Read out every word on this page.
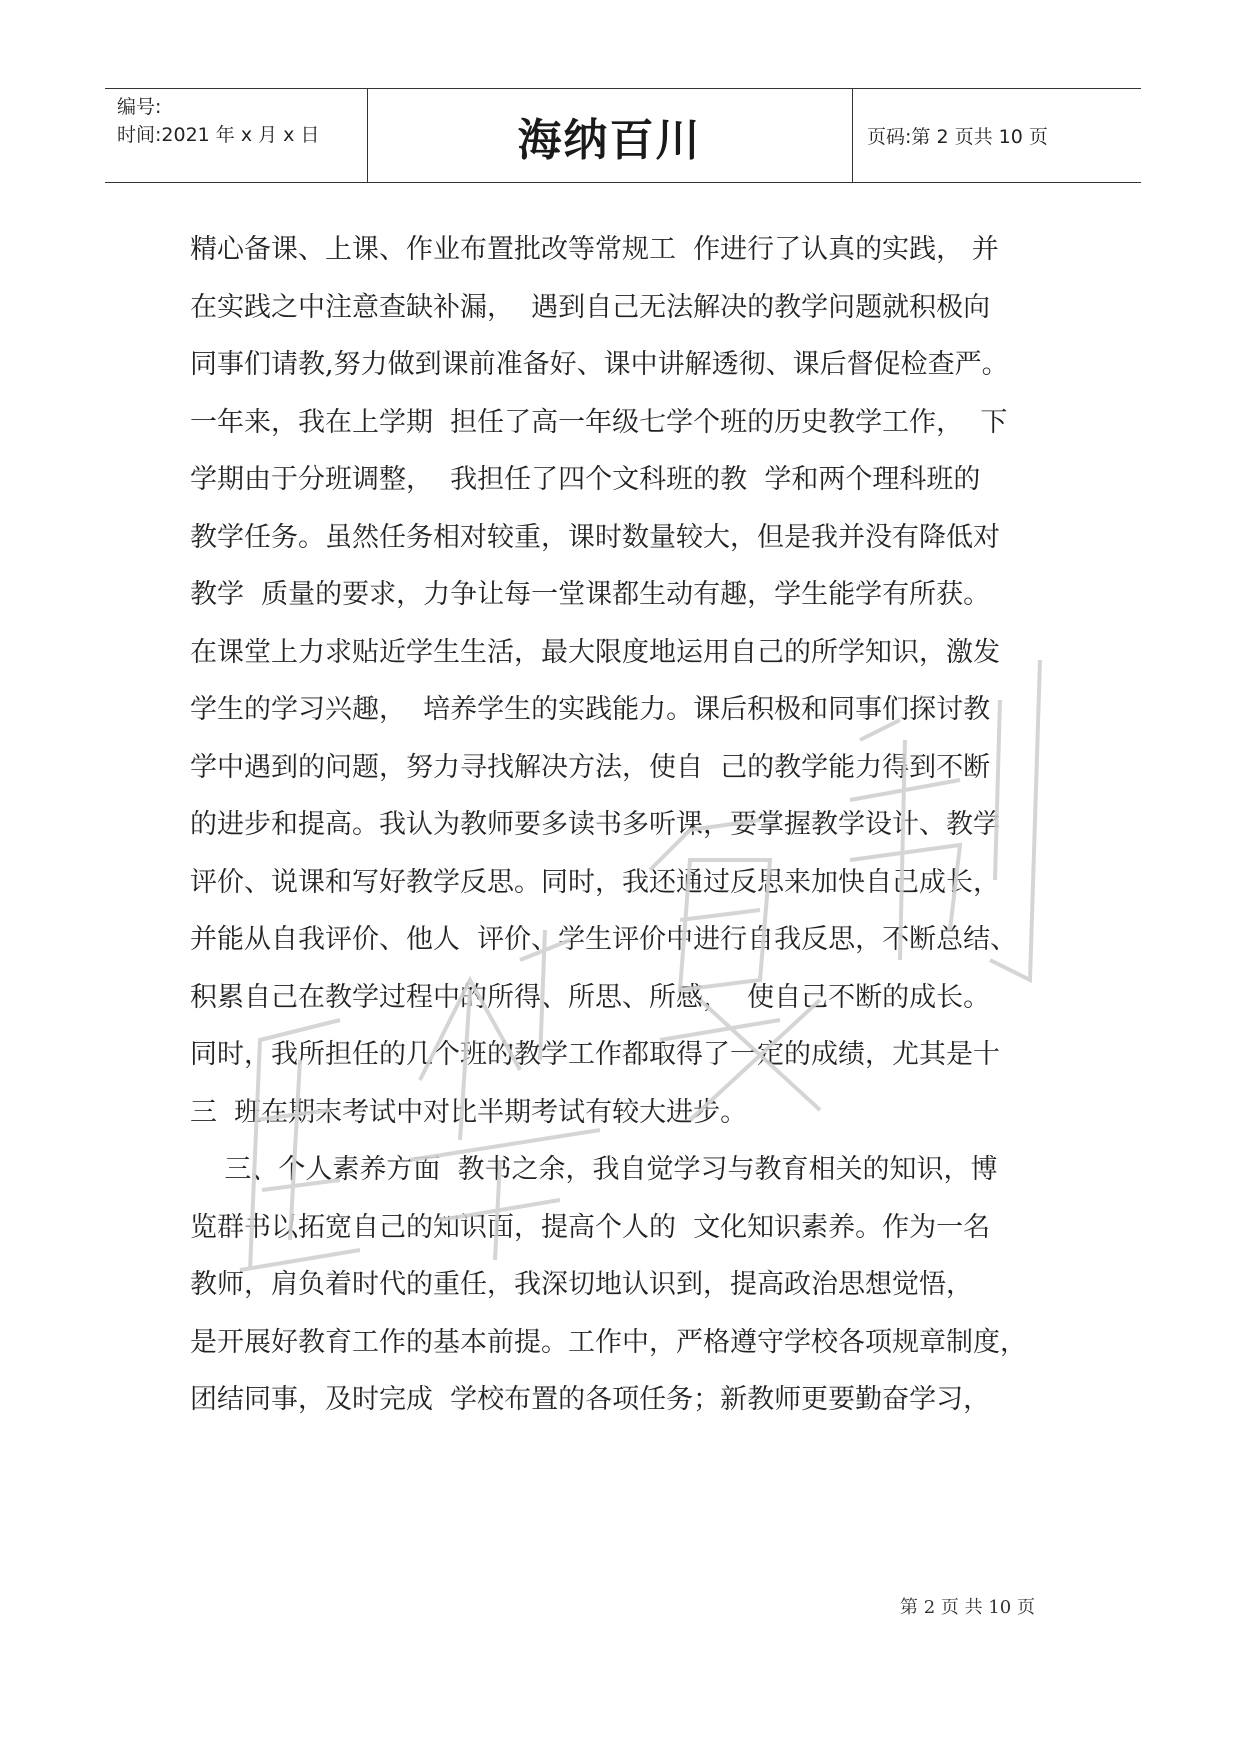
编号:
时间:2021 年 x 月 x 日	海纳百川	页码:第 2 页共 10 页
精心备课、上课、作业布置批改等常规工  作进行了认真的实践， 并
在实践之中注意查缺补漏，  遇到自己无法解决的教学问题就积极向
同事们请教,努力做到课前准备好、课中讲解透彻、课后督促检查严。
一年来，我在上学期  担任了高一年级七学个班的历史教学工作，  下
学期由于分班调整，  我担任了四个文科班的教  学和两个理科班的
教学任务。虽然任务相对较重，课时数量较大，但是我并没有降低对
教学  质量的要求，力争让每一堂课都生动有趣，学生能学有所获。
在课堂上力求贴近学生生活，最大限度地运用自己的所学知识，激发
学生的学习兴趣，  培养学生的实践能力。课后积极和同事们探讨教
学中遇到的问题，努力寻找解决方法，使自  己的教学能力得到不断
的进步和提高。我认为教师要多读书多听课，要掌握教学设计、教学
评价、说课和写好教学反思。同时，我还通过反思来加快自己成长，
并能从自我评价、他人  评价、学生评价中进行自我反思，不断总结、
积累自己在教学过程中的所得、所思、所感，  使自己不断的成长。
同时，我所担任的几个班的教学工作都取得了一定的成绩，尤其是十
三  班在期末考试中对比半期考试有较大进步。
三、个人素养方面  教书之余，我自觉学习与教育相关的知识，博
览群书以拓宽自己的知识面，提高个人的  文化知识素养。作为一名
教师，肩负着时代的重任，我深切地认识到，提高政治思想觉悟，
是开展好教育工作的基本前提。工作中，严格遵守学校各项规章制度，
团结同事，及时完成  学校布置的各项任务；新教师更要勤奋学习，
严禁复制
第 2 页 共 10 页
